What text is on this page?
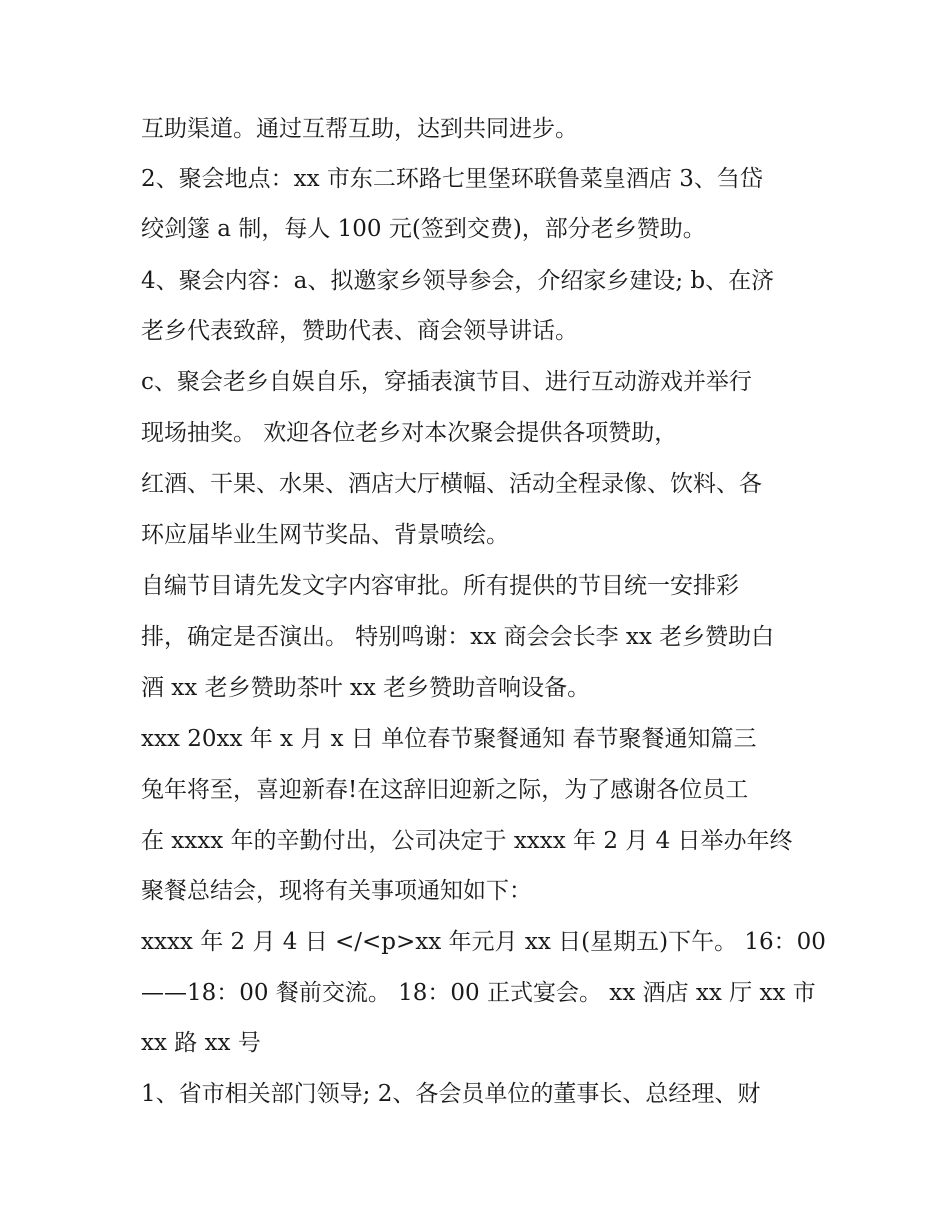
互助渠道。通过互帮互助，达到共同进步。
2、聚会地点：xx 市东二环路七里堡环联鲁菜皇酒店 3、刍岱
绞剑篴 a 制，每人 100 元(签到交费)，部分老乡赞助。
4、聚会内容：a、拟邀家乡领导参会，介绍家乡建设; b、在济
老乡代表致辞，赞助代表、商会领导讲话。
c、聚会老乡自娱自乐，穿插表演节目、进行互动游戏并举行
现场抽奖。 欢迎各位老乡对本次聚会提供各项赞助，
红酒、干果、水果、酒店大厅横幅、活动全程录像、饮料、各
环应届毕业生网节奖品、背景喷绘。
自编节目请先发文字内容审批。所有提供的节目统一安排彩
排，确定是否演出。 特别鸣谢：xx 商会会长李 xx 老乡赞助白
酒 xx 老乡赞助茶叶 xx 老乡赞助音响设备。
xxx 20xx 年 x 月 x 日 单位春节聚餐通知 春节聚餐通知篇三
兔年将至，喜迎新春!在这辞旧迎新之际，为了感谢各位员工
在 xxxx 年的辛勤付出，公司决定于 xxxx 年 2 月 4 日举办年终
聚餐总结会，现将有关事项通知如下：
xxxx 年 2 月 4 日 </<p>xx 年元月 xx 日(星期五)下午。 16：00
——18：00 餐前交流。 18：00 正式宴会。 xx 酒店 xx 厅 xx 市
xx 路 xx 号
1、省市相关部门领导; 2、各会员单位的董事长、总经理、财
